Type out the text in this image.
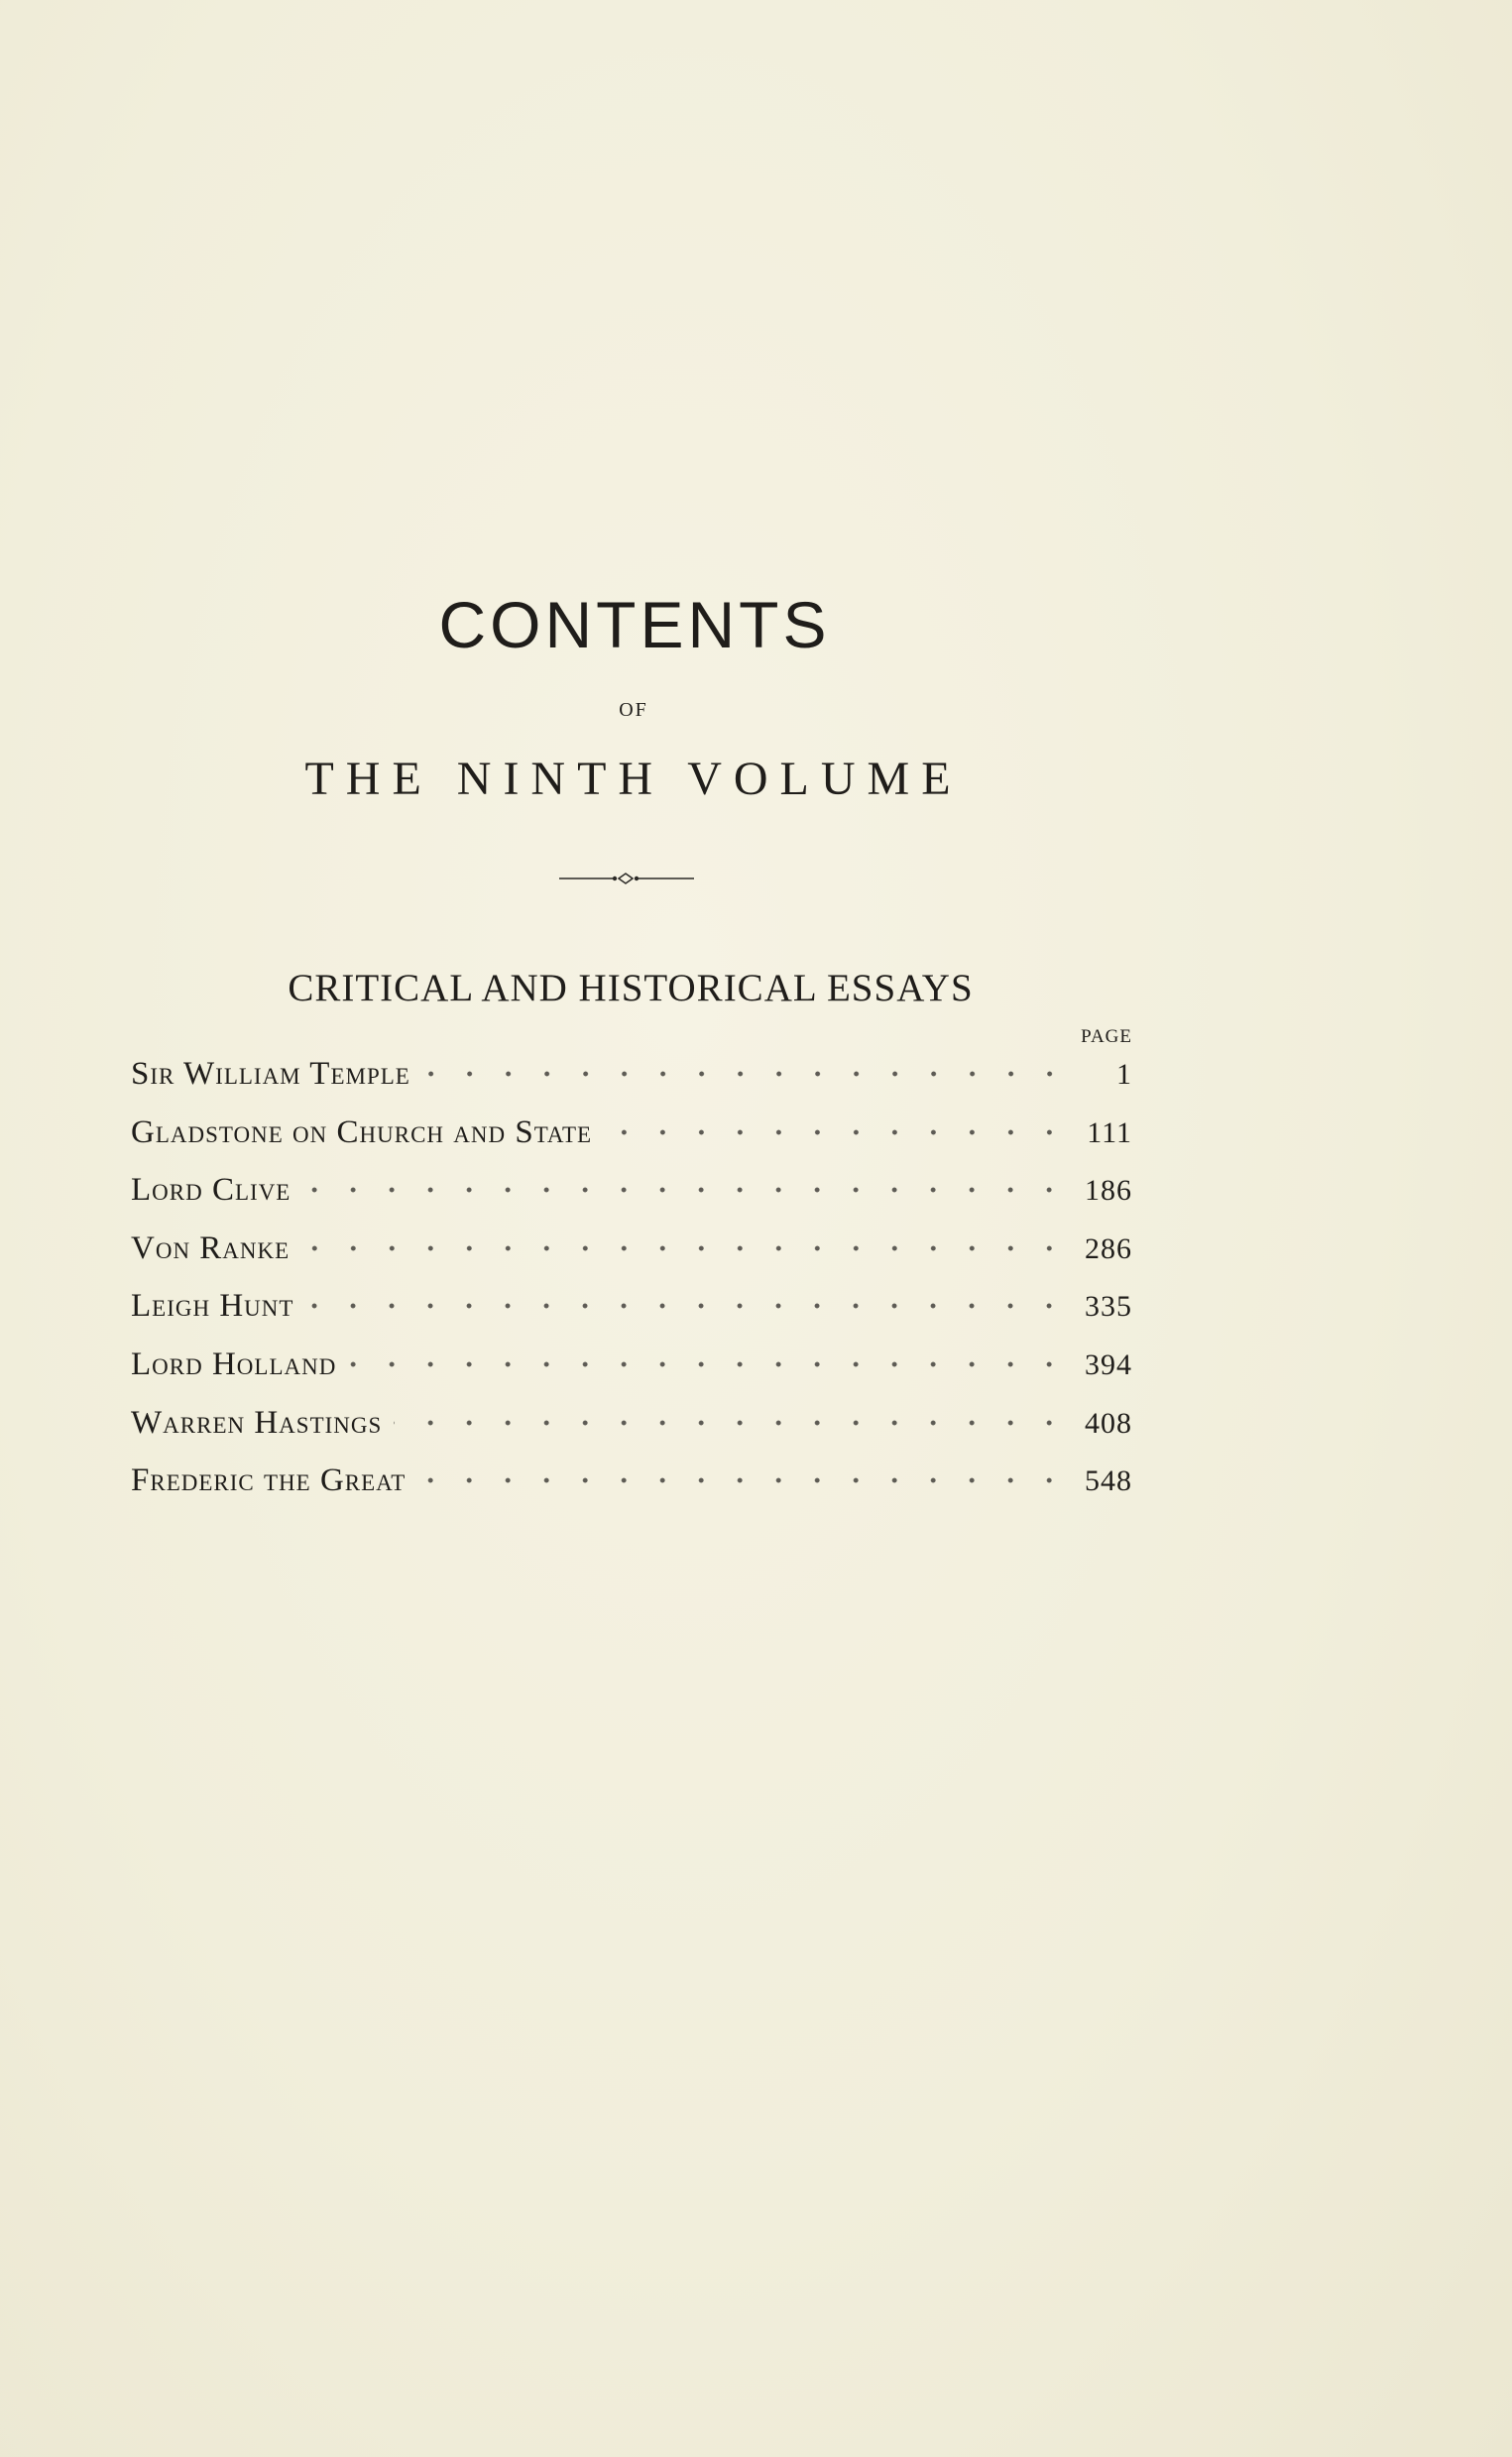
CONTENTS
OF
THE NINTH VOLUME
CRITICAL AND HISTORICAL ESSAYS
PAGE
Sir William Temple	1
Gladstone on Church and State	111
Lord Clive	186
Von Ranke	286
Leigh Hunt	335
Lord Holland	394
Warren Hastings	408
Frederic the Great	548
